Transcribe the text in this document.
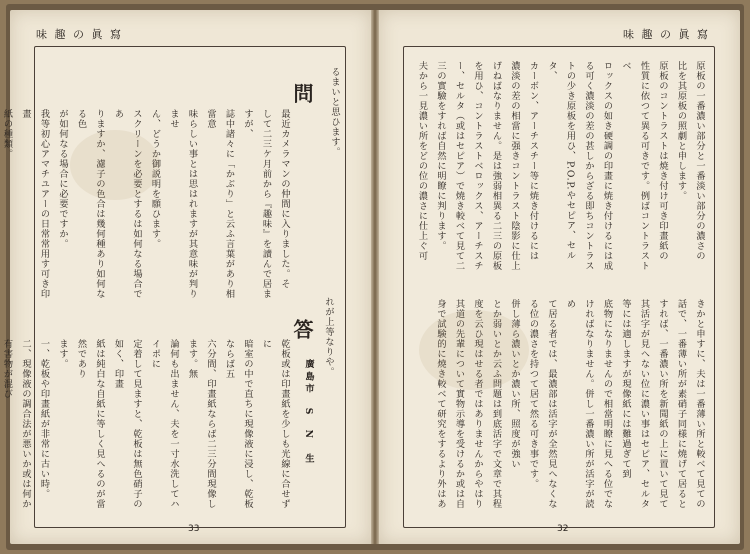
味 趣 の 眞 寫

るまいと思ひます。

問

最近カメラマンの仲間に入りました。そ

して二三ケ月前から『趣味』を讀んで居ますが、

誌中諸々に「かぶり」と云ふ言葉があり相當意

味らしい事とは思はれますが其意味が判りませ

ん、どうか御説明を願ひます。

スクリーンを必要とするは如何なる場合であ

りますか、濾子の色合は幾何種あり如何なる色

が如何なる場合に必要ですか。

我等初心アマチユアーの日常常用す可き印畫

紙の種類。

れが上等なりや。

廣島市　S　N　生
答

乾板或は印畫紙を少しも光線に合せずに

暗室の中で直ちに現像液に浸し、乾板ならば五

六分間、印畫紙ならば二三分間現像します。無

論何も出ません、夫を一寸水洗してハイポに

定着して見ますと、乾板は無色硝子の如く、印畫

紙は純白な自紙に等しく見へるのが當然であり

ます。

一、乾板や印畫紙が非常に古い時。

二、現像液の調合法が悪いか或は何か有害物が混び

33
味 趣 の 眞 寫

原板の一番濃い部分と一番淡い部分の濃さの

比を其原板の照劇と申します。

原板のコントラストは焼き付け可き印畫紙の

性質に依つて異る可きです。例ばコントラストベ

ロックスの如き硬調の印畫に焼き付けるには成

る可く濃淡の差の甚しからざる即ちコントラス

トの少き原板を用ひ、P.O.P.やセピア、セルタ、

カーボン、アーチスチー等に焼き付けるには

濃淡の差の相當に强きコントラスト陰影に仕上

げねばなりません。是は強弱相異る二三の原板

を用ひ、コントラストベロックス、アーチスチ

ー、セルタ（或はセピア）で燒き較べて見て二

三の實驗をすれば自然に明瞭に判ります。

夫から一見濃い所をどの位の濃さに仕上ぐ可

きかと申すに、夫は一番薄い所と較べて見ての

話で、一番薄い所が素硝子同様に燒げて居ると

すれば、一番濃い所を新聞紙の上に置いて見て

其活字が見へない位に濃い事はセピア、セルタ

等には適しますが現像紙には難過ぎて到

底物になりませんので相當明瞭に見へる位でな

ければなりません。併し一番濃い所が活字が読め

て居る者では、最濃部は活字が全然見へなくな

る位の濃さを持つて居て然る可き事です。

併し薄ら濃いとか濃い所、照度が強い

とか弱いとか云ふ問題は到底活字で文章で其程

度を云ひ現はせる者ではありませんからやはり

其道の先輩について實物示導を受けるか或は自

身で試験的に燒き較べて研究をするより外はあ

32
